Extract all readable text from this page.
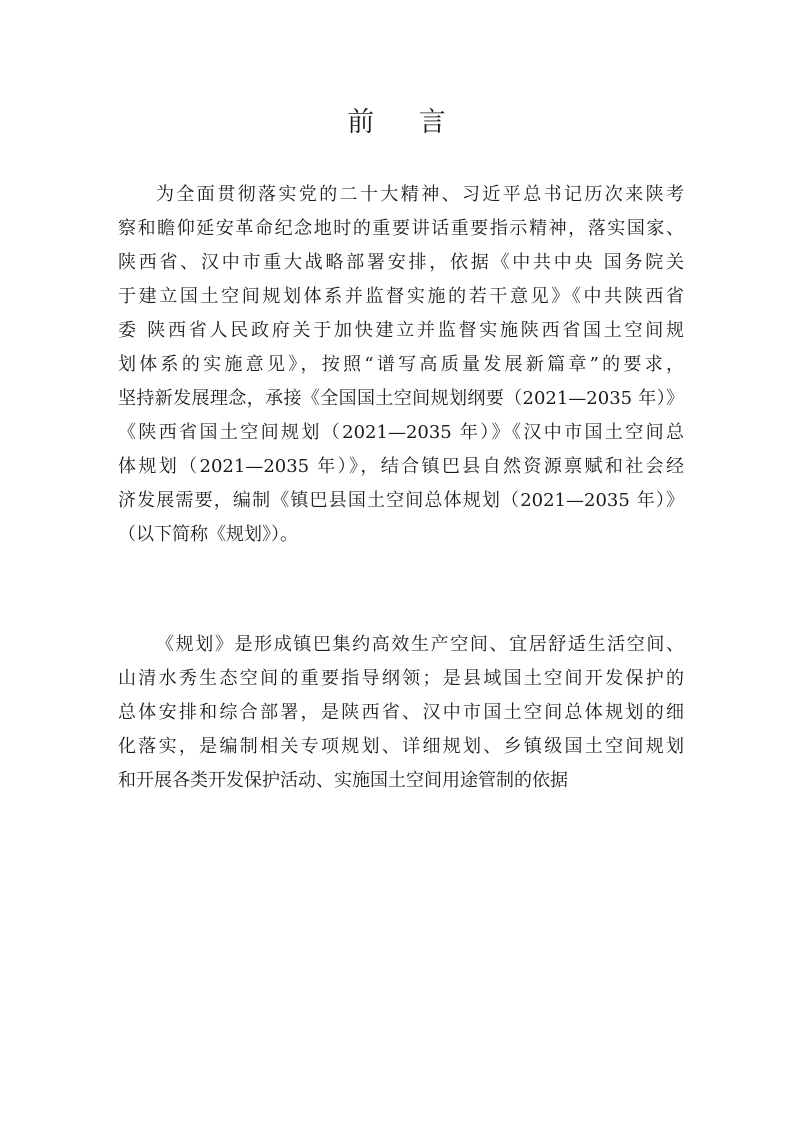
前 言
为全面贯彻落实党的二十大精神、习近平总书记历次来陕考
察和瞻仰延安革命纪念地时的重要讲话重要指示精神，落实国家、
陕西省、汉中市重大战略部署安排，依据《中共中央 国务院关
于建立国土空间规划体系并监督实施的若干意见》《中共陕西省
委 陕西省人民政府关于加快建立并监督实施陕西省国土空间规
划体系的实施意见》，按照“谱写高质量发展新篇章”的要求，
坚持新发展理念，承接《全国国土空间规划纲要（2021—2035 年）》
《陕西省国土空间规划（2021—2035 年）》《汉中市国土空间总
体规划（2021—2035 年）》，结合镇巴县自然资源禀赋和社会经
济发展需要，编制《镇巴县国土空间总体规划（2021—2035 年）》
（以下简称《规划》）。
《规划》是形成镇巴集约高效生产空间、宜居舒适生活空间、
山清水秀生态空间的重要指导纲领；是县域国土空间开发保护的
总体安排和综合部署，是陕西省、汉中市国土空间总体规划的细
化落实，是编制相关专项规划、详细规划、乡镇级国土空间规划
和开展各类开发保护活动、实施国土空间用途管制的依据
